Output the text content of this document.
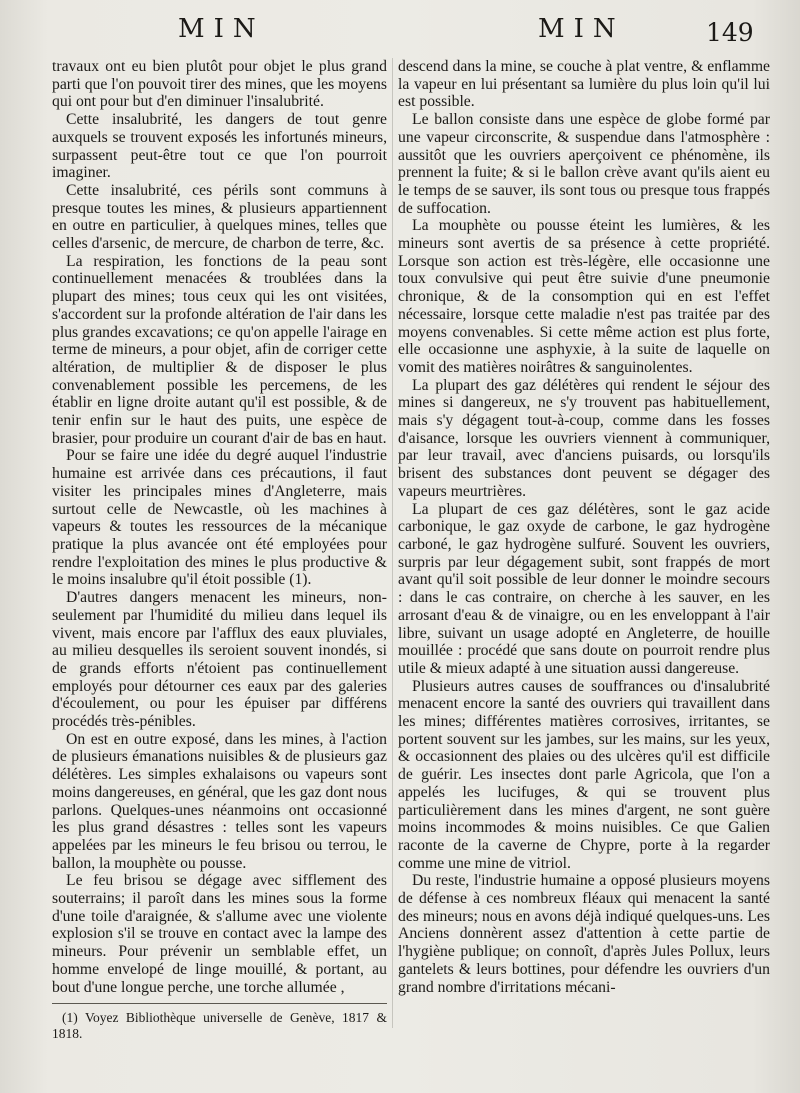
MIN	MIN	149

travaux ont eu bien plutôt pour objet le plus grand parti que l'on pouvoit tirer des mines, que les moyens qui ont pour but d'en diminuer l'insalubrité.

Cette insalubrité, les dangers de tout genre auxquels se trouvent exposés les infortunés mineurs, surpassent peut-être tout ce que l'on pourroit imaginer.

Cette insalubrité, ces périls sont communs à presque toutes les mines, & plusieurs appartiennent en outre en particulier, à quelques mines, telles que celles d'arsenic, de mercure, de charbon de terre, &c.

La respiration, les fonctions de la peau sont continuellement menacées & troublées dans la plupart des mines; tous ceux qui les ont visitées, s'accordent sur la profonde altération de l'air dans les plus grandes excavations; ce qu'on appelle l'airage en terme de mineurs, a pour objet, afin de corriger cette altération, de multiplier & de disposer le plus convenablement possible les percemens, de les établir en ligne droite autant qu'il est possible, & de tenir enfin sur le haut des puits, une espèce de brasier, pour produire un courant d'air de bas en haut.

Pour se faire une idée du degré auquel l'industrie humaine est arrivée dans ces précautions, il faut visiter les principales mines d'Angleterre, mais surtout celle de Newcastle, où les machines à vapeurs & toutes les ressources de la mécanique pratique la plus avancée ont été employées pour rendre l'exploitation des mines le plus productive & le moins insalubre qu'il étoit possible (1).

D'autres dangers menacent les mineurs, non-seulement par l'humidité du milieu dans lequel ils vivent, mais encore par l'afflux des eaux pluviales, au milieu desquelles ils seroient souvent inondés, si de grands efforts n'étoient pas continuellement employés pour détourner ces eaux par des galeries d'écoulement, ou pour les épuiser par différens procédés très-pénibles.

On est en outre exposé, dans les mines, à l'action de plusieurs émanations nuisibles & de plusieurs gaz délétères. Les simples exhalaisons ou vapeurs sont moins dangereuses, en général, que les gaz dont nous parlons. Quelques-unes néanmoins ont occasionné les plus grand désastres : telles sont les vapeurs appelées par les mineurs le feu brisou ou terrou, le ballon, la mouphète ou pousse.

Le feu brisou se dégage avec sifflement des souterrains; il paroît dans les mines sous la forme d'une toile d'araignée, & s'allume avec une violente explosion s'il se trouve en contact avec la lampe des mineurs. Pour prévenir un semblable effet, un homme envelopé de linge mouillé, & portant, au bout d'une longue perche, une torche allumée ,

descend dans la mine, se couche à plat ventre, & enflamme la vapeur en lui présentant sa lumière du plus loin qu'il lui est possible.

Le ballon consiste dans une espèce de globe formé par une vapeur circonscrite, & suspendue dans l'atmosphère : aussitôt que les ouvriers aperçoivent ce phénomène, ils prennent la fuite; & si le ballon crève avant qu'ils aient eu le temps de se sauver, ils sont tous ou presque tous frappés de suffocation.

La mouphète ou pousse éteint les lumières, & les mineurs sont avertis de sa présence à cette propriété. Lorsque son action est très-légère, elle occasionne une toux convulsive qui peut être suivie d'une pneumonie chronique, & de la consomption qui en est l'effet nécessaire, lorsque cette maladie n'est pas traitée par des moyens convenables. Si cette même action est plus forte, elle occasionne une asphyxie, à la suite de laquelle on vomit des matières noirâtres & sanguinolentes.

La plupart des gaz délétères qui rendent le séjour des mines si dangereux, ne s'y trouvent pas habituellement, mais s'y dégagent tout-à-coup, comme dans les fosses d'aisance, lorsque les ouvriers viennent à communiquer, par leur travail, avec d'anciens puisards, ou lorsqu'ils brisent des substances dont peuvent se dégager des vapeurs meurtrières.

La plupart de ces gaz délétères, sont le gaz acide carbonique, le gaz oxyde de carbone, le gaz hydrogène carboné, le gaz hydrogène sulfuré. Souvent les ouvriers, surpris par leur dégagement subit, sont frappés de mort avant qu'il soit possible de leur donner le moindre secours : dans le cas contraire, on cherche à les sauver, en les arrosant d'eau & de vinaigre, ou en les enveloppant à l'air libre, suivant un usage adopté en Angleterre, de houille mouillée : procédé que sans doute on pourroit rendre plus utile & mieux adapté à une situation aussi dangereuse.

Plusieurs autres causes de souffrances ou d'insalubrité menacent encore la santé des ouvriers qui travaillent dans les mines; différentes matières corrosives, irritantes, se portent souvent sur les jambes, sur les mains, sur les yeux, & occasionnent des plaies ou des ulcères qu'il est difficile de guérir. Les insectes dont parle Agricola, que l'on a appelés les lucifuges, & qui se trouvent plus particulièrement dans les mines d'argent, ne sont guère moins incommodes & moins nuisibles. Ce que Galien raconte de la caverne de Chypre, porte à la regarder comme une mine de vitriol.

Du reste, l'industrie humaine a opposé plusieurs moyens de défense à ces nombreux fléaux qui menacent la santé des mineurs; nous en avons déjà indiqué quelques-uns. Les Anciens donnèrent assez d'attention à cette partie de l'hygiène publique; on connoît, d'après Jules Pollux, leurs gantelets & leurs bottines, pour défendre les ouvriers d'un grand nombre d'irritations mécani-

(1) Voyez Bibliothèque universelle de Genève, 1817 & 1818.
